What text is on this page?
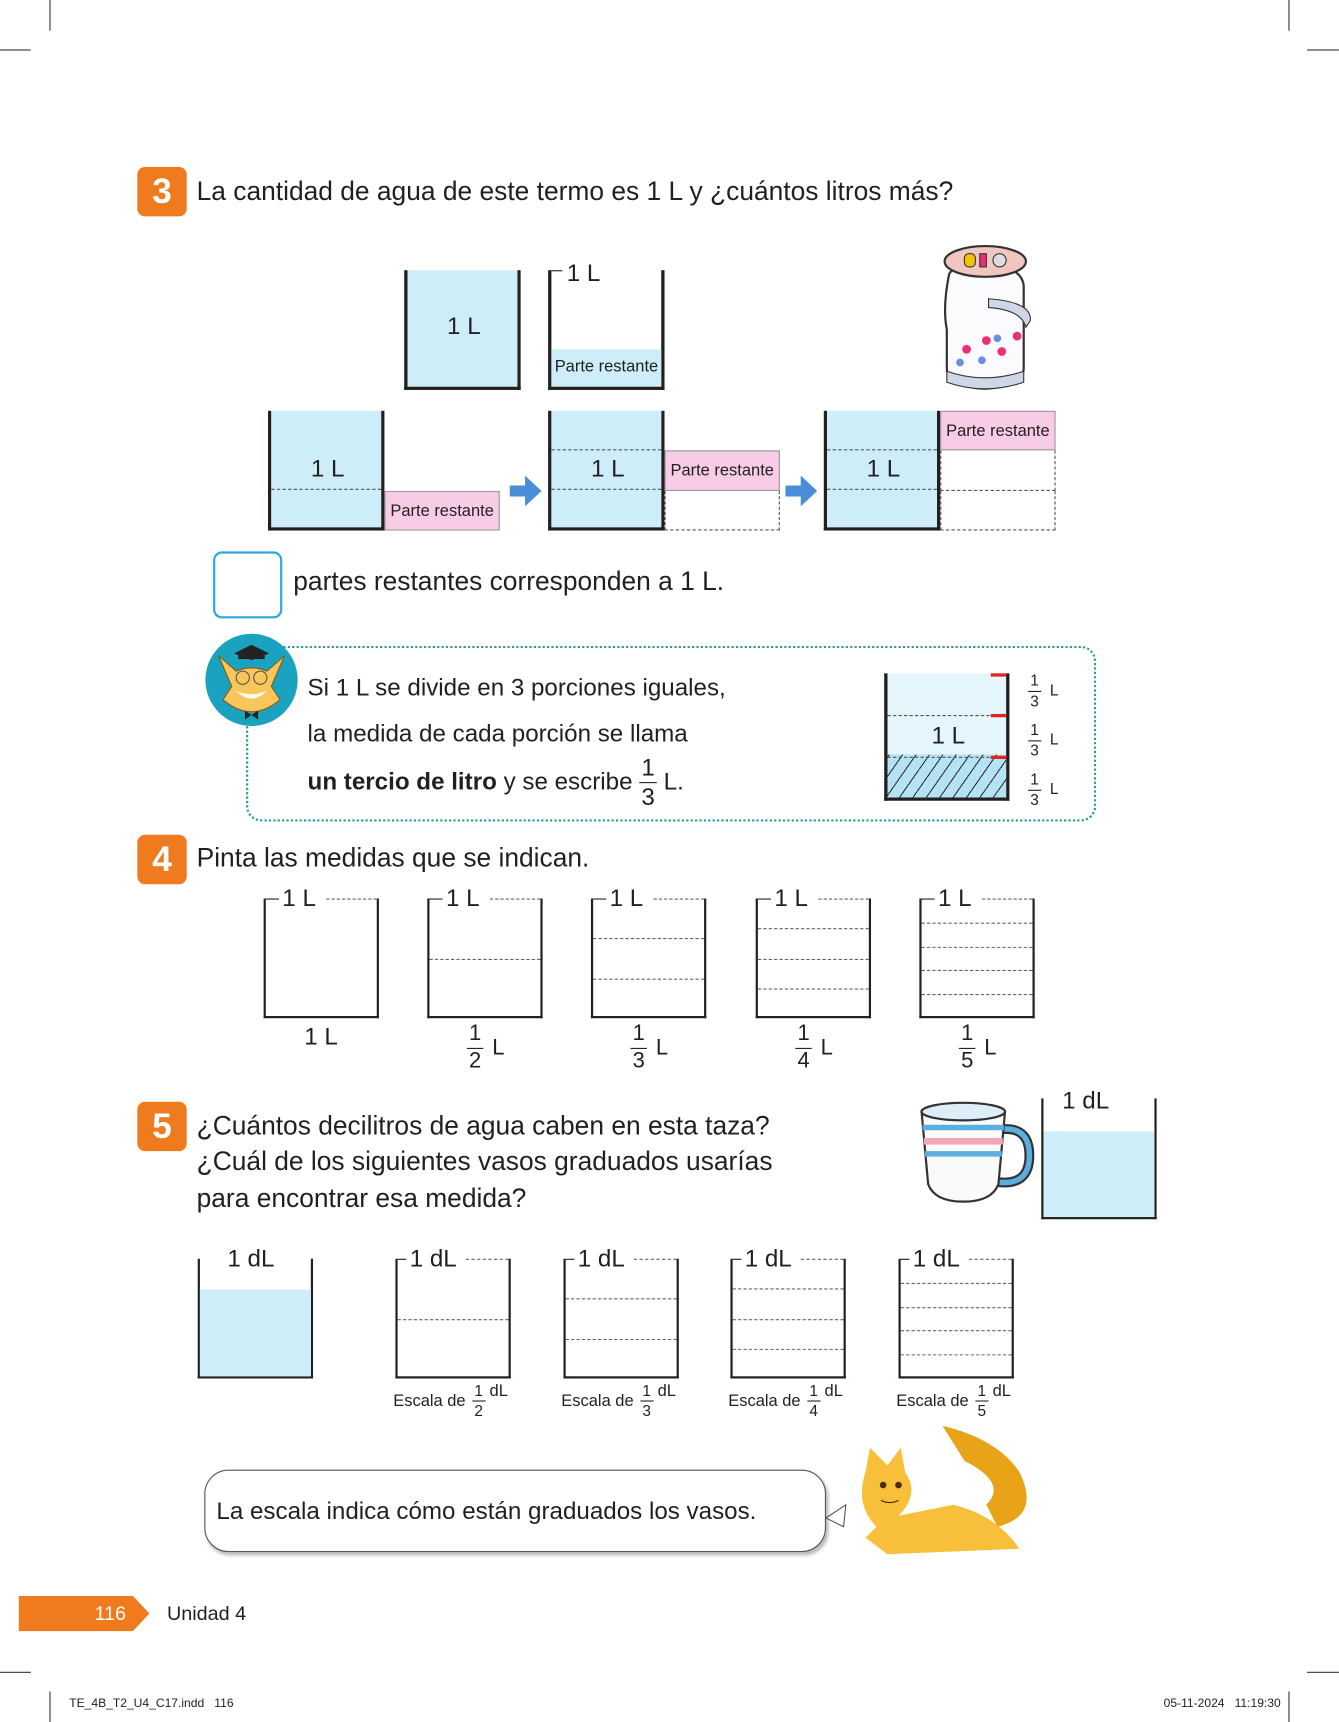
3	La cantidad de agua de este termo es 1 L y ¿cuántos litros más?
1 L
1 L
Parte restante
1 L
Parte restante
1 L	Parte restante	1 L
Parte restante
partes restantes corresponden a 1 L.
Si 1 L se divide en 3 porciones iguales,
la medida de cada porción se llama
un tercio de litro y se escribe $\frac{1}{3} L$.
1 L
$\frac{1}{3}$ L
$\frac{1}{3}$ L
$\frac{1}{3}$ L
4	Pinta las medidas que se indican.
1 L
1 L
1 L
$\frac{1}{2}$ L
1 L
$\frac{1}{3}$ L
1 L
$\frac{1}{4}$ L
1 L
$\frac{1}{5}$ L
5	¿Cuántos decilitros de agua caben en esta taza?
¿Cuál de los siguientes vasos graduados usarías
para encontrar esa medida?
1 dL
1 dL
Escala de $\frac{1}{2}$ dL
1 dL
Escala de $\frac{1}{3}$ dL
1 dL
Escala de $\frac{1}{4}$ dL
1 dL
Escala de $\frac{1}{5}$ dL
1 dL
La escala indica cómo están graduados los vasos.
116 Unidad 4
TE_4B_T2_U4_C17.indd   116	05-11-2024   11:19:30
